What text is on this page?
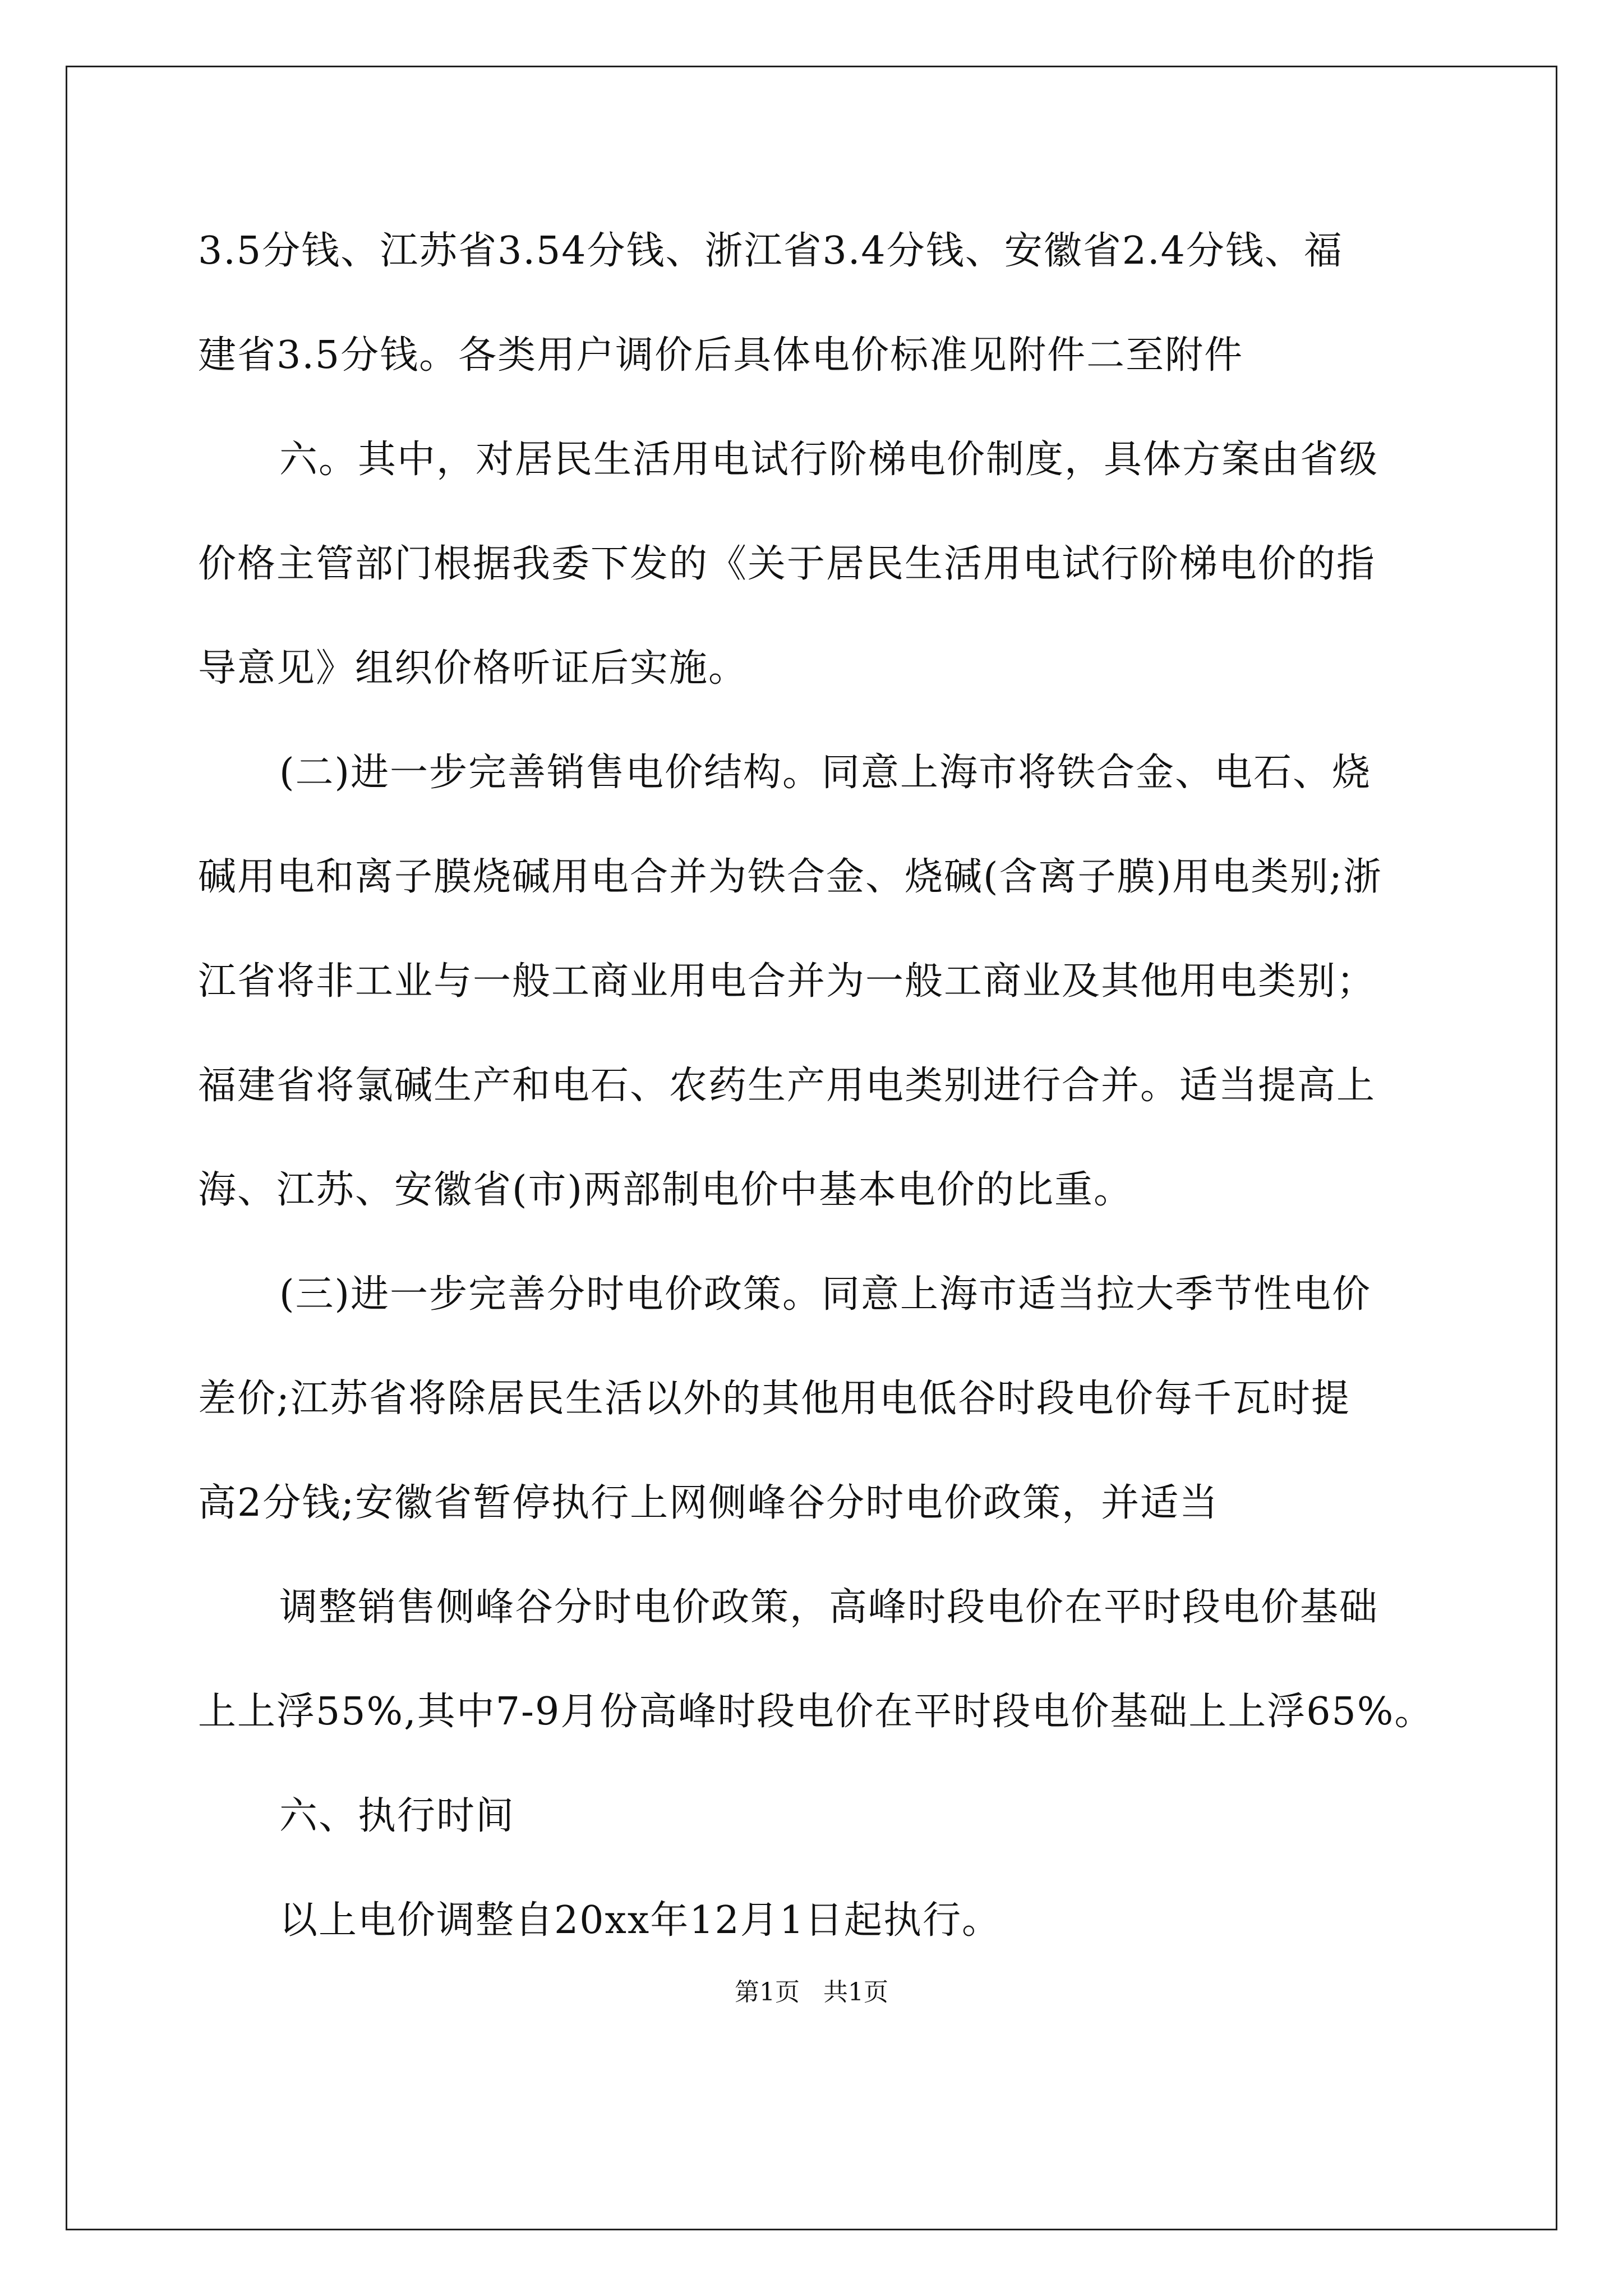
3.5分钱、江苏省3.54分钱、浙江省3.4分钱、安徽省2.4分钱、福
建省3.5分钱。各类用户调价后具体电价标准见附件二至附件
六。其中，对居民生活用电试行阶梯电价制度，具体方案由省级
价格主管部门根据我委下发的《关于居民生活用电试行阶梯电价的指
导意见》组织价格听证后实施。
(二)进一步完善销售电价结构。同意上海市将铁合金、电石、烧
碱用电和离子膜烧碱用电合并为铁合金、烧碱(含离子膜)用电类别;浙
江省将非工业与一般工商业用电合并为一般工商业及其他用电类别；
福建省将氯碱生产和电石、农药生产用电类别进行合并。适当提高上
海、江苏、安徽省(市)两部制电价中基本电价的比重。
(三)进一步完善分时电价政策。同意上海市适当拉大季节性电价
差价;江苏省将除居民生活以外的其他用电低谷时段电价每千瓦时提
高2分钱;安徽省暂停执行上网侧峰谷分时电价政策，并适当
调整销售侧峰谷分时电价政策，高峰时段电价在平时段电价基础
上上浮55%,其中7-9月份高峰时段电价在平时段电价基础上上浮65%。
六、执行时间
以上电价调整自20xx年12月1日起执行。
第1页   共1页
